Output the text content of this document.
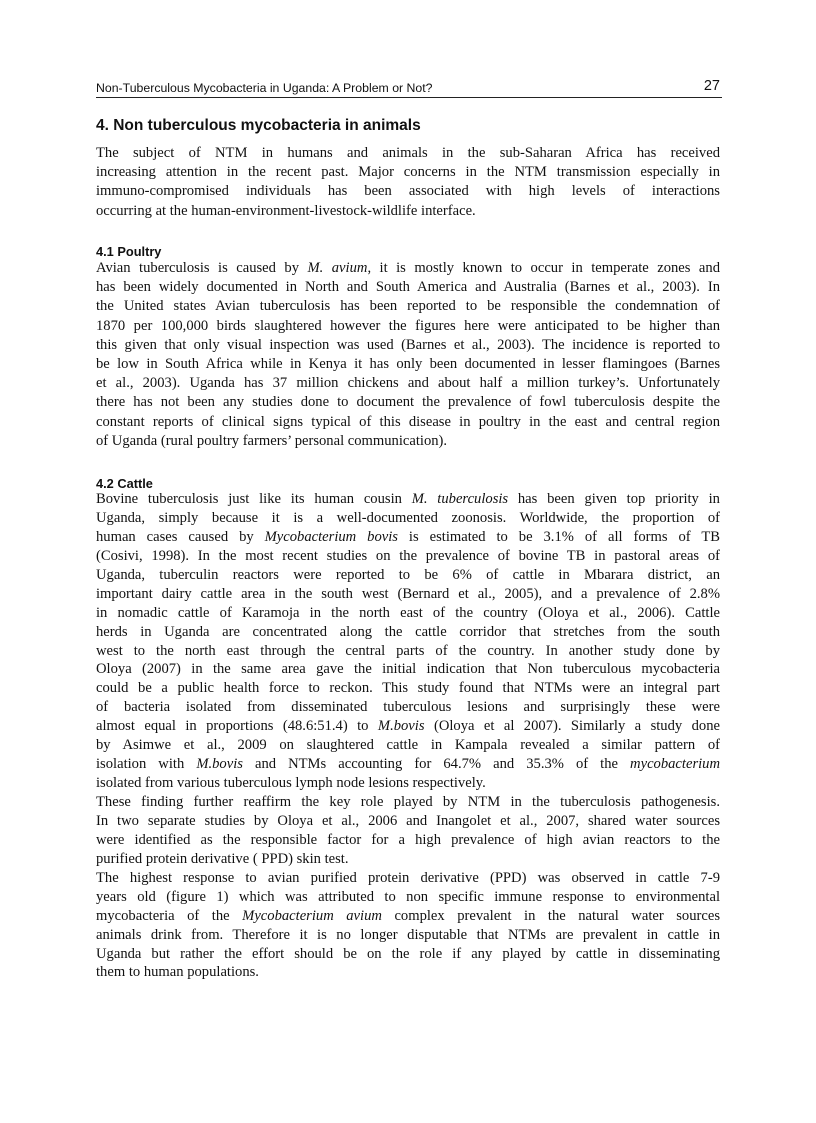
Non-Tuberculous Mycobacteria in Uganda: A Problem or Not?	27
4. Non tuberculous mycobacteria in animals
The subject of NTM in humans and animals in the sub-Saharan Africa has received
increasing attention in the recent past. Major concerns in the NTM transmission especially in
immuno-compromised individuals has been associated with high levels of interactions
occurring at the human-environment-livestock-wildlife interface.
4.1 Poultry
Avian tuberculosis is caused by M. avium, it is mostly known to occur in temperate zones and
has been widely documented in North and South America and Australia (Barnes et al., 2003). In
the United states Avian tuberculosis has been reported to be responsible the condemnation of
1870 per 100,000 birds slaughtered however the figures here were anticipated to be higher than
this given that only visual inspection was used (Barnes et al., 2003). The incidence is reported to
be low in South Africa while in Kenya it has only been documented in lesser flamingoes (Barnes
et al., 2003). Uganda has 37 million chickens and about half a million turkey’s. Unfortunately
there has not been any studies done to document the prevalence of fowl tuberculosis despite the
constant reports of clinical signs typical of this disease in poultry in the east and central region
of Uganda (rural poultry farmers’ personal communication).
4.2 Cattle
Bovine tuberculosis just like its human cousin M. tuberculosis has been given top priority in
Uganda, simply because it is a well-documented zoonosis. Worldwide, the proportion of
human cases caused by Mycobacterium bovis is estimated to be 3.1% of all forms of TB
(Cosivi, 1998). In the most recent studies on the prevalence of bovine TB in pastoral areas of
Uganda, tuberculin reactors were reported to be 6% of cattle in Mbarara district, an
important dairy cattle area in the south west (Bernard et al., 2005), and a prevalence of 2.8%
in nomadic cattle of Karamoja in the north east of the country (Oloya et al., 2006). Cattle
herds in Uganda are concentrated along the cattle corridor that stretches from the south
west to the north east through the central parts of the country. In another study done by
Oloya (2007) in the same area gave the initial indication that Non tuberculous mycobacteria
could be a public health force to reckon. This study found that NTMs were an integral part
of bacteria isolated from disseminated tuberculous lesions and surprisingly these were
almost equal in proportions (48.6:51.4) to M.bovis (Oloya et al 2007). Similarly a study done
by Asimwe et al., 2009 on slaughtered cattle in Kampala revealed a similar pattern of
isolation with M.bovis and NTMs accounting for 64.7% and 35.3% of the mycobacterium
isolated from various tuberculous lymph node lesions respectively.
These finding further reaffirm the key role played by NTM in the tuberculosis pathogenesis.
In two separate studies by Oloya et al., 2006 and Inangolet et al., 2007, shared water sources
were identified as the responsible factor for a high prevalence of high avian reactors to the
purified protein derivative ( PPD) skin test.
The highest response to avian purified protein derivative (PPD) was observed in cattle 7-9
years old (figure 1) which was attributed to non specific immune response to environmental
mycobacteria of the Mycobacterium avium complex prevalent in the natural water sources
animals drink from. Therefore it is no longer disputable that NTMs are prevalent in cattle in
Uganda but rather the effort should be on the role if any played by cattle in disseminating
them to human populations.
